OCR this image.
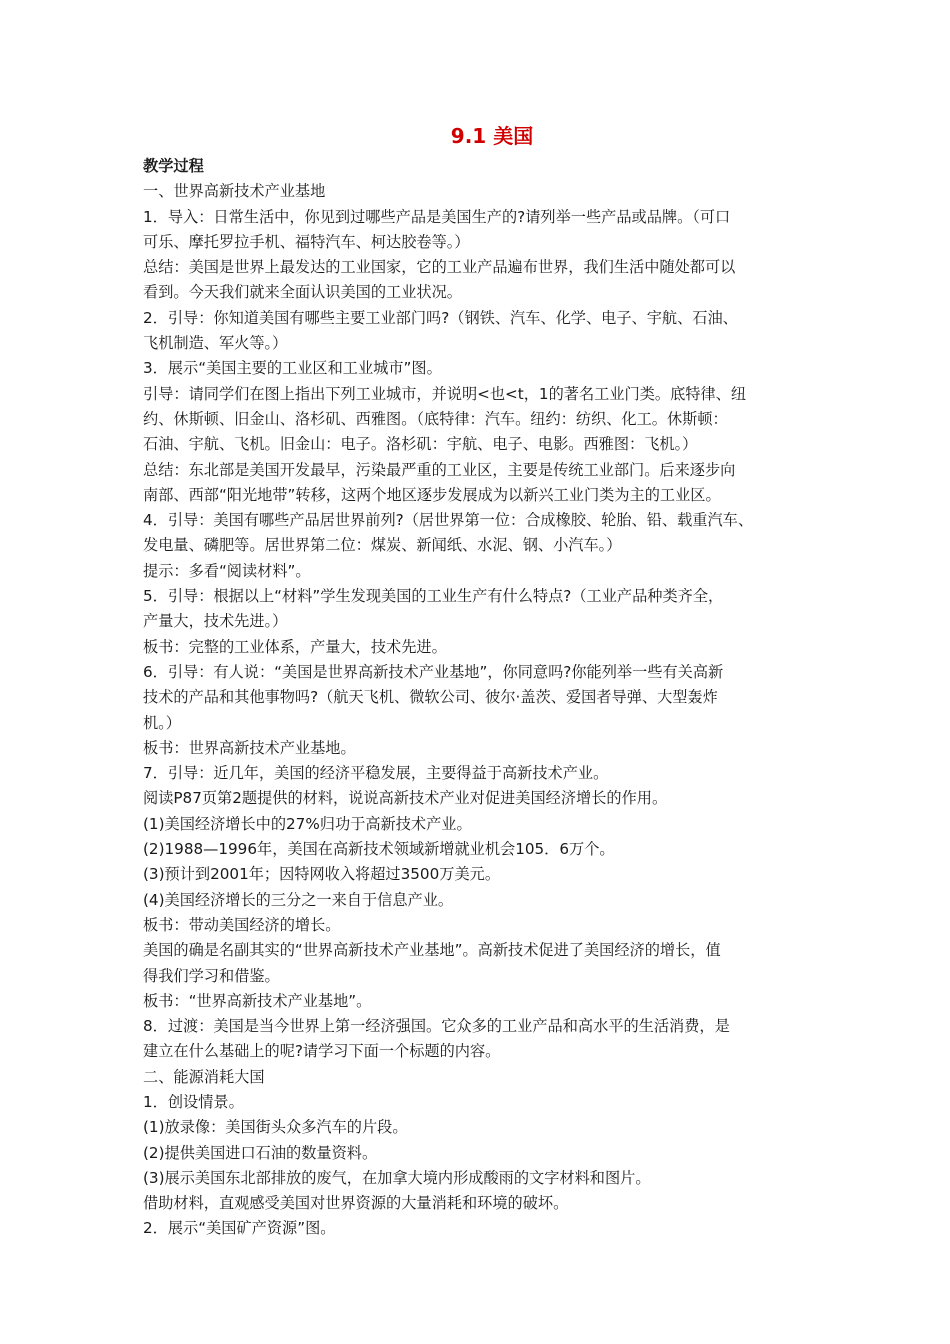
9.1 美国

教学过程

一、世界高新技术产业基地

1．导入：日常生活中，你见到过哪些产品是美国生产的?请列举一些产品或品牌。（可口

可乐、摩托罗拉手机、福特汽车、柯达胶卷等。）

总结：美国是世界上最发达的工业国家，它的工业产品遍布世界，我们生活中随处都可以

看到。今天我们就来全面认识美国的工业状况。

2．引导：你知道美国有哪些主要工业部门吗?（钢铁、汽车、化学、电子、宇航、石油、

飞机制造、军火等。）

3．展示“美国主要的工业区和工业城市”图。

引导：请同学们在图上指出下列工业城市，并说明<也<t，1的著名工业门类。底特律、纽

约、休斯顿、旧金山、洛杉矶、西雅图。（底特律：汽车。纽约：纺织、化工。休斯顿：

石油、宇航、飞机。旧金山：电子。洛杉矶：宇航、电子、电影。西雅图：飞机。）

总结：东北部是美国开发最早，污染最严重的工业区，主要是传统工业部门。后来逐步向

南部、西部“阳光地带”转移，这两个地区逐步发展成为以新兴工业门类为主的工业区。

4．引导：美国有哪些产品居世界前列?（居世界第一位：合成橡胶、轮胎、铅、载重汽车、

发电量、磷肥等。居世界第二位：煤炭、新闻纸、水泥、钢、小汽车。）

提示：多看“阅读材料”。

5．引导：根据以上“材料”学生发现美国的工业生产有什么特点?（工业产品种类齐全，

产量大，技术先进。）

板书：完整的工业体系，产量大，技术先进。

6．引导：有人说：“美国是世界高新技术产业基地”，你同意吗?你能列举一些有关高新

技术的产品和其他事物吗?（航天飞机、微软公司、彼尔·盖茨、爱国者导弹、大型轰炸

机。）

板书：世界高新技术产业基地。

7．引导：近几年，美国的经济平稳发展，主要得益于高新技术产业。

阅读P87页第2题提供的材料，说说高新技术产业对促进美国经济增长的作用。

(1)美国经济增长中的27%归功于高新技术产业。

(2)1988—1996年，美国在高新技术领域新增就业机会105．6万个。

(3)预计到2001年；因特网收入将超过3500万美元。

(4)美国经济增长的三分之一来自于信息产业。

板书：带动美国经济的增长。

美国的确是名副其实的“世界高新技术产业基地”。高新技术促进了美国经济的增长，值

得我们学习和借鉴。

板书：“世界高新技术产业基地”。

8．过渡：美国是当今世界上第一经济强国。它众多的工业产品和高水平的生活消费，是

建立在什么基础上的呢?请学习下面一个标题的内容。

二、能源消耗大国

1．创设情景。

(1)放录像：美国街头众多汽车的片段。

(2)提供美国进口石油的数量资料。

(3)展示美国东北部排放的废气，在加拿大境内形成酸雨的文字材料和图片。

借助材料，直观感受美国对世界资源的大量消耗和环境的破坏。

2．展示“美国矿产资源”图。
